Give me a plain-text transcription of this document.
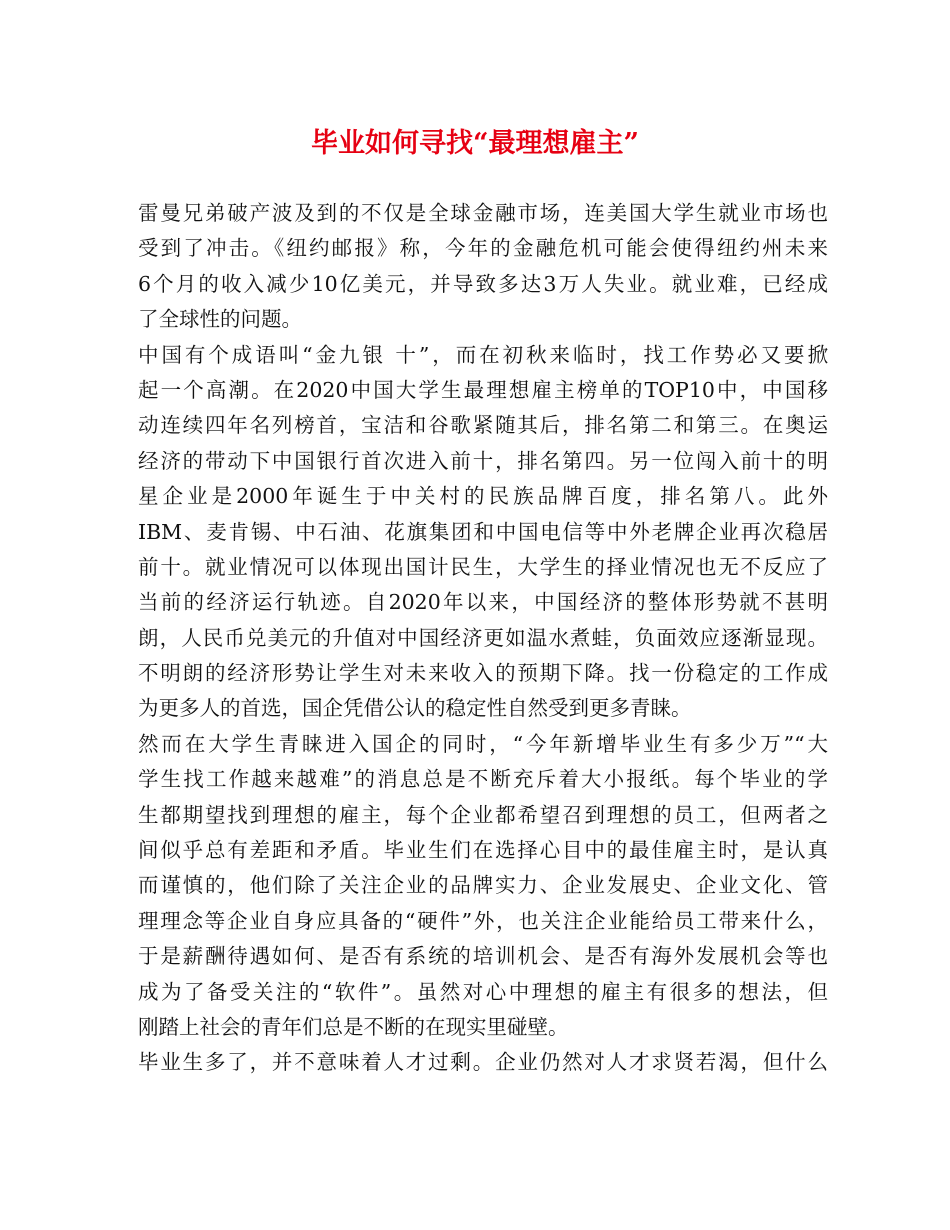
毕业如何寻找“最理想雇主”
雷曼兄弟破产波及到的不仅是全球金融市场，连美国大学生就业市场也
受到了冲击。《纽约邮报》称，今年的金融危机可能会使得纽约州未来
6个月的收入减少10亿美元，并导致多达3万人失业。就业难，已经成
了全球性的问题。
中国有个成语叫“金九银 十”，而在初秋来临时，找工作势必又要掀
起一个高潮。在2020中国大学生最理想雇主榜单的TOP10中，中国移
动连续四年名列榜首，宝洁和谷歌紧随其后，排名第二和第三。在奥运
经济的带动下中国银行首次进入前十，排名第四。另一位闯入前十的明
星企业是2000年诞生于中关村的民族品牌百度，排名第八。此外
IBM、麦肯锡、中石油、花旗集团和中国电信等中外老牌企业再次稳居
前十。就业情况可以体现出国计民生，大学生的择业情况也无不反应了
当前的经济运行轨迹。自2020年以来，中国经济的整体形势就不甚明
朗，人民币兑美元的升值对中国经济更如温水煮蛙，负面效应逐渐显现。
不明朗的经济形势让学生对未来收入的预期下降。找一份稳定的工作成
为更多人的首选，国企凭借公认的稳定性自然受到更多青睐。
然而在大学生青睐进入国企的同时，“今年新增毕业生有多少万”“大
学生找工作越来越难”的消息总是不断充斥着大小报纸。每个毕业的学
生都期望找到理想的雇主，每个企业都希望召到理想的员工，但两者之
间似乎总有差距和矛盾。毕业生们在选择心目中的最佳雇主时，是认真
而谨慎的，他们除了关注企业的品牌实力、企业发展史、企业文化、管
理理念等企业自身应具备的“硬件”外，也关注企业能给员工带来什么，
于是薪酬待遇如何、是否有系统的培训机会、是否有海外发展机会等也
成为了备受关注的“软件”。虽然对心中理想的雇主有很多的想法，但
刚踏上社会的青年们总是不断的在现实里碰壁。
毕业生多了，并不意味着人才过剩。企业仍然对人才求贤若渴，但什么
